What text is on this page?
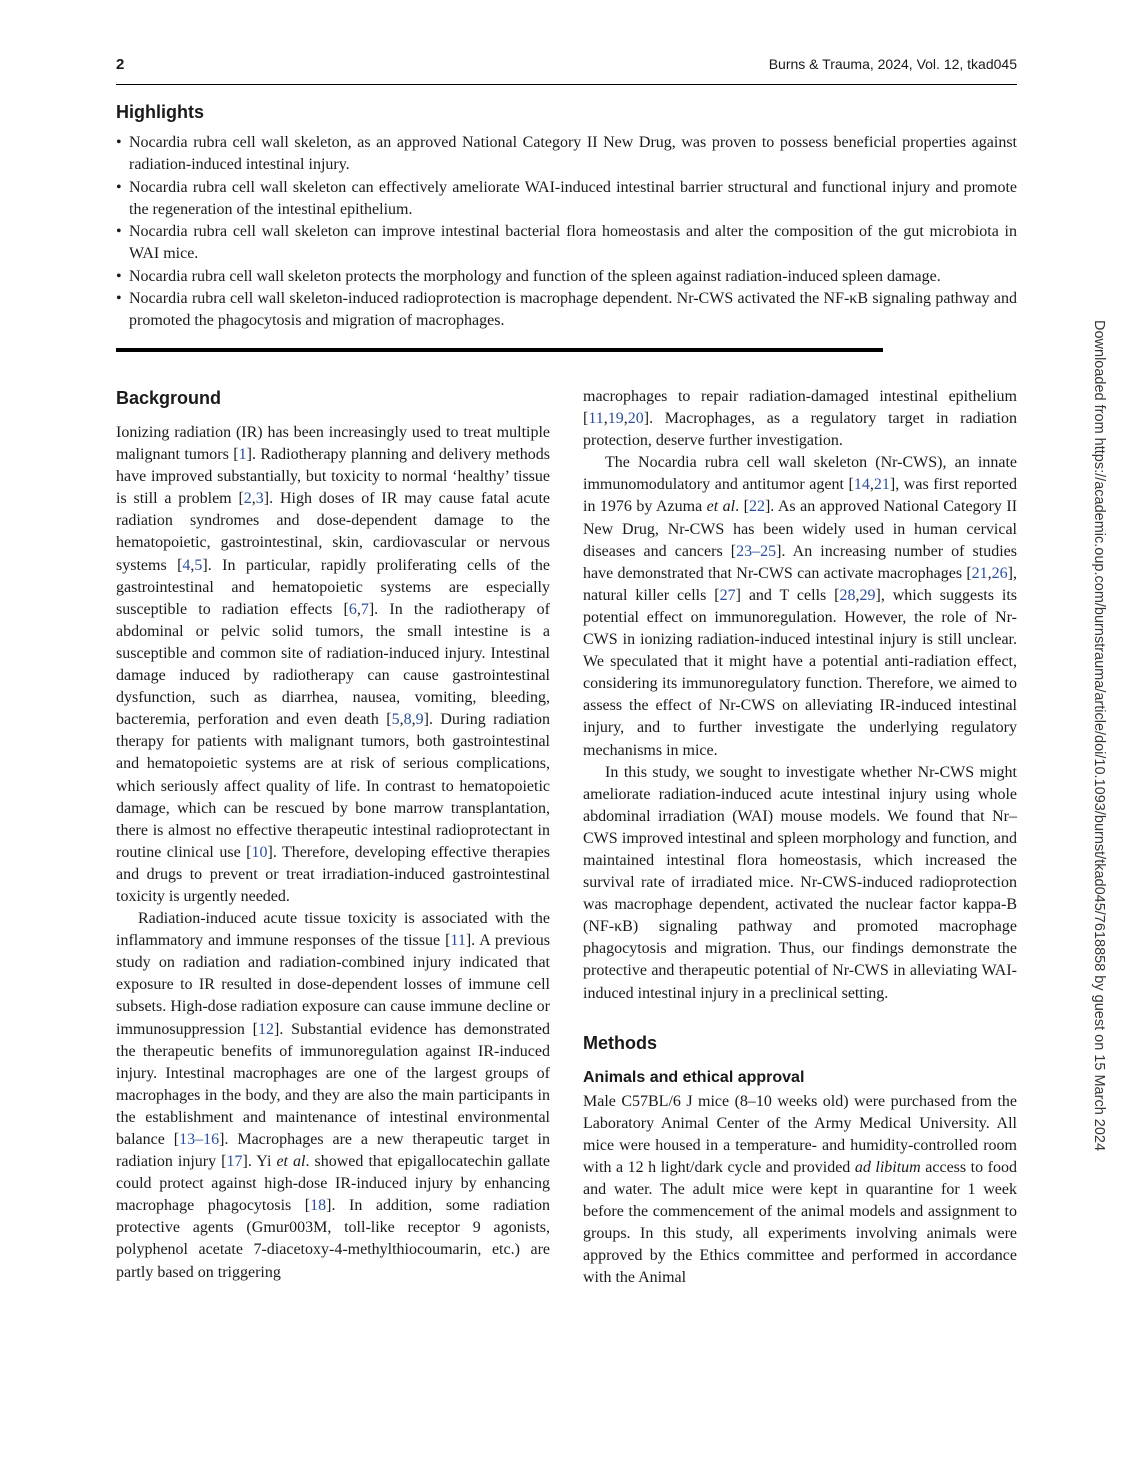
2	Burns & Trauma, 2024, Vol. 12, tkad045
Highlights
• Nocardia rubra cell wall skeleton, as an approved National Category II New Drug, was proven to possess beneficial properties against radiation-induced intestinal injury.
• Nocardia rubra cell wall skeleton can effectively ameliorate WAI-induced intestinal barrier structural and functional injury and promote the regeneration of the intestinal epithelium.
• Nocardia rubra cell wall skeleton can improve intestinal bacterial flora homeostasis and alter the composition of the gut microbiota in WAI mice.
• Nocardia rubra cell wall skeleton protects the morphology and function of the spleen against radiation-induced spleen damage.
• Nocardia rubra cell wall skeleton-induced radioprotection is macrophage dependent. Nr-CWS activated the NF-κB signaling pathway and promoted the phagocytosis and migration of macrophages.
Background

Ionizing radiation (IR) has been increasingly used to treat multiple malignant tumors [1]. Radiotherapy planning and delivery methods have improved substantially, but toxicity to normal ‘healthy’ tissue is still a problem [2,3]. High doses of IR may cause fatal acute radiation syndromes and dose-dependent damage to the hematopoietic, gastrointestinal, skin, cardiovascular or nervous systems [4,5]. In particular, rapidly proliferating cells of the gastrointestinal and hematopoietic systems are especially susceptible to radiation effects [6,7]. In the radiotherapy of abdominal or pelvic solid tumors, the small intestine is a susceptible and common site of radiation-induced injury. Intestinal damage induced by radiotherapy can cause gastrointestinal dysfunction, such as diarrhea, nausea, vomiting, bleeding, bacteremia, perforation and even death [5,8,9]. During radiation therapy for patients with malignant tumors, both gastrointestinal and hematopoietic systems are at risk of serious complications, which seriously affect quality of life. In contrast to hematopoietic damage, which can be rescued by bone marrow transplantation, there is almost no effective therapeutic intestinal radioprotectant in routine clinical use [10]. Therefore, developing effective therapies and drugs to prevent or treat irradiation-induced gastrointestinal toxicity is urgently needed.

Radiation-induced acute tissue toxicity is associated with the inflammatory and immune responses of the tissue [11]. A previous study on radiation and radiation-combined injury indicated that exposure to IR resulted in dose-dependent losses of immune cell subsets. High-dose radiation exposure can cause immune decline or immunosuppression [12]. Substantial evidence has demonstrated the therapeutic benefits of immunoregulation against IR-induced injury. Intestinal macrophages are one of the largest groups of macrophages in the body, and they are also the main participants in the establishment and maintenance of intestinal environmental balance [13–16]. Macrophages are a new therapeutic target in radiation injury [17]. Yi et al. showed that epigallocatechin gallate could protect against high-dose IR-induced injury by enhancing macrophage phagocytosis [18]. In addition, some radiation protective agents (Gmur003M, toll-like receptor 9 agonists, polyphenol acetate 7-diacetoxy-4-methylthiocoumarin, etc.) are partly based on triggering

macrophages to repair radiation-damaged intestinal epithelium [11,19,20]. Macrophages, as a regulatory target in radiation protection, deserve further investigation.

The Nocardia rubra cell wall skeleton (Nr-CWS), an innate immunomodulatory and antitumor agent [14,21], was first reported in 1976 by Azuma et al. [22]. As an approved National Category II New Drug, Nr-CWS has been widely used in human cervical diseases and cancers [23–25]. An increasing number of studies have demonstrated that Nr-CWS can activate macrophages [21,26], natural killer cells [27] and T cells [28,29], which suggests its potential effect on immunoregulation. However, the role of Nr-CWS in ionizing radiation-induced intestinal injury is still unclear. We speculated that it might have a potential anti-radiation effect, considering its immunoregulatory function. Therefore, we aimed to assess the effect of Nr-CWS on alleviating IR-induced intestinal injury, and to further investigate the underlying regulatory mechanisms in mice.

In this study, we sought to investigate whether Nr-CWS might ameliorate radiation-induced acute intestinal injury using whole abdominal irradiation (WAI) mouse models. We found that Nr–CWS improved intestinal and spleen morphology and function, and maintained intestinal flora homeostasis, which increased the survival rate of irradiated mice. Nr-CWS-induced radioprotection was macrophage dependent, activated the nuclear factor kappa-B (NF-κB) signaling pathway and promoted macrophage phagocytosis and migration. Thus, our findings demonstrate the protective and therapeutic potential of Nr-CWS in alleviating WAI-induced intestinal injury in a preclinical setting.

Methods
Animals and ethical approval

Male C57BL/6 J mice (8–10 weeks old) were purchased from the Laboratory Animal Center of the Army Medical University. All mice were housed in a temperature- and humidity-controlled room with a 12 h light/dark cycle and provided ad libitum access to food and water. The adult mice were kept in quarantine for 1 week before the commencement of the animal models and assignment to groups. In this study, all experiments involving animals were approved by the Ethics committee and performed in accordance with the Animal

Downloaded from https://academic.oup.com/burnstrauma/article/doi/10.1093/burnst/tkad045/7618858 by guest on 15 March 2024
